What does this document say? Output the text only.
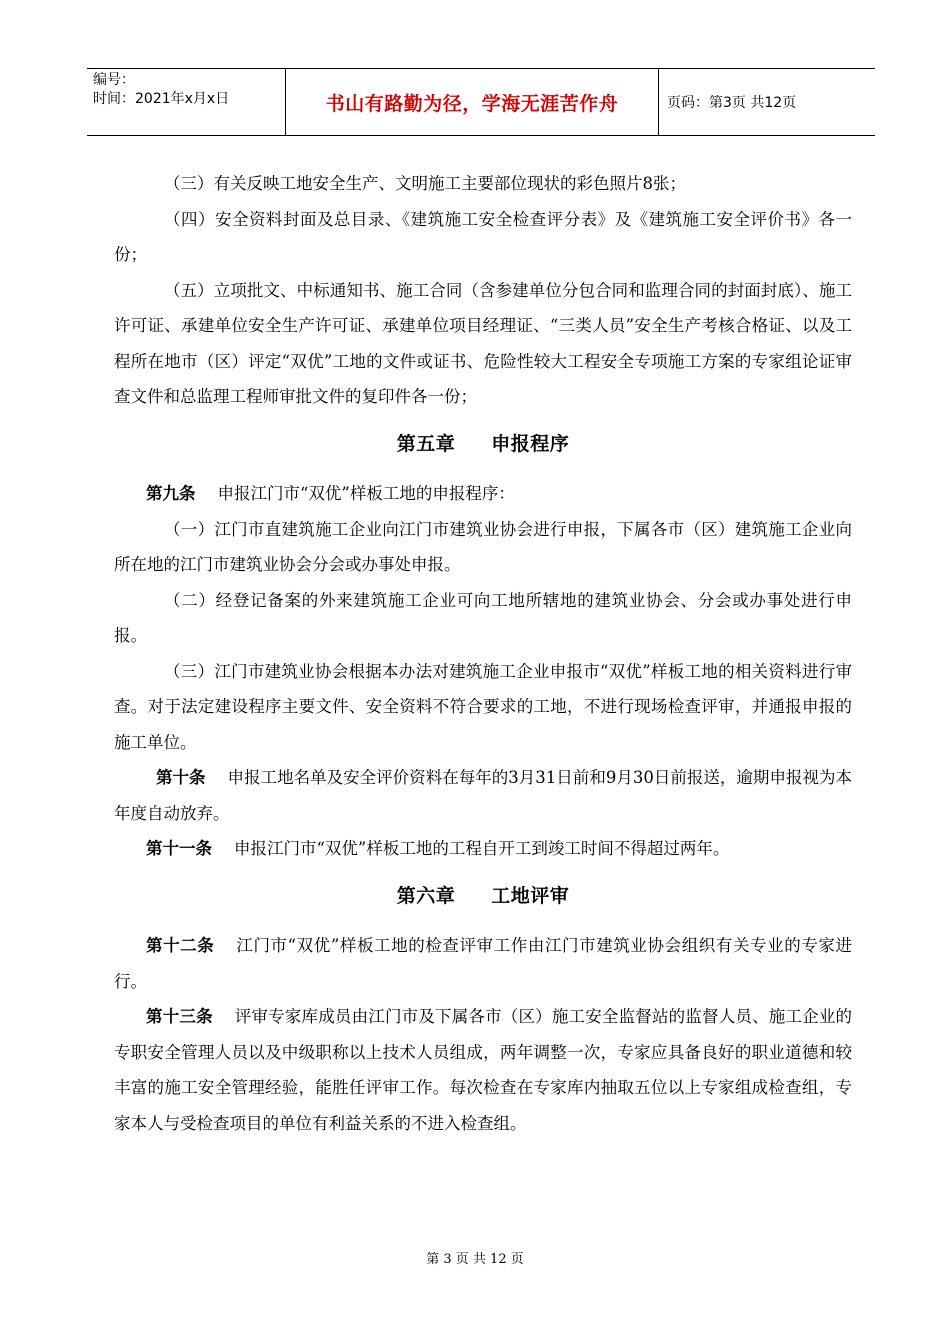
编号：
时间：2021年x月x日	书山有路勤为径，学海无涯苦作舟	页码：第3页 共12页

（三）有关反映工地安全生产、文明施工主要部位现状的彩色照片8张；

（四）安全资料封面及总目录、《建筑施工安全检查评分表》及《建筑施工安全评价书》各一份；

（五）立项批文、中标通知书、施工合同（含参建单位分包合同和监理合同的封面封底）、施工许可证、承建单位安全生产许可证、承建单位项目经理证、“三类人员”安全生产考核合格证、以及工程所在地市（区）评定“双优”工地的文件或证书、危险性较大工程安全专项施工方案的专家组论证审查文件和总监理工程师审批文件的复印件各一份；

第五章 申报程序

第九条 申报江门市“双优”样板工地的申报程序：

（一）江门市直建筑施工企业向江门市建筑业协会进行申报，下属各市（区）建筑施工企业向所在地的江门市建筑业协会分会或办事处申报。

（二）经登记备案的外来建筑施工企业可向工地所辖地的建筑业协会、分会或办事处进行申报。

（三）江门市建筑业协会根据本办法对建筑施工企业申报市“双优”样板工地的相关资料进行审查。对于法定建设程序主要文件、安全资料不符合要求的工地，不进行现场检查评审，并通报申报的施工单位。

第十条 申报工地名单及安全评价资料在每年的3月31日前和9月30日前报送，逾期申报视为本年度自动放弃。

第十一条 申报江门市“双优”样板工地的工程自开工到竣工时间不得超过两年。

第六章 工地评审

第十二条 江门市“双优”样板工地的检查评审工作由江门市建筑业协会组织有关专业的专家进行。

第十三条 评审专家库成员由江门市及下属各市（区）施工安全监督站的监督人员、施工企业的专职安全管理人员以及中级职称以上技术人员组成，两年调整一次，专家应具备良好的职业道德和较丰富的施工安全管理经验，能胜任评审工作。每次检查在专家库内抽取五位以上专家组成检查组，专家本人与受检查项目的单位有利益关系的不进入检查组。

第 3 页 共 12 页
